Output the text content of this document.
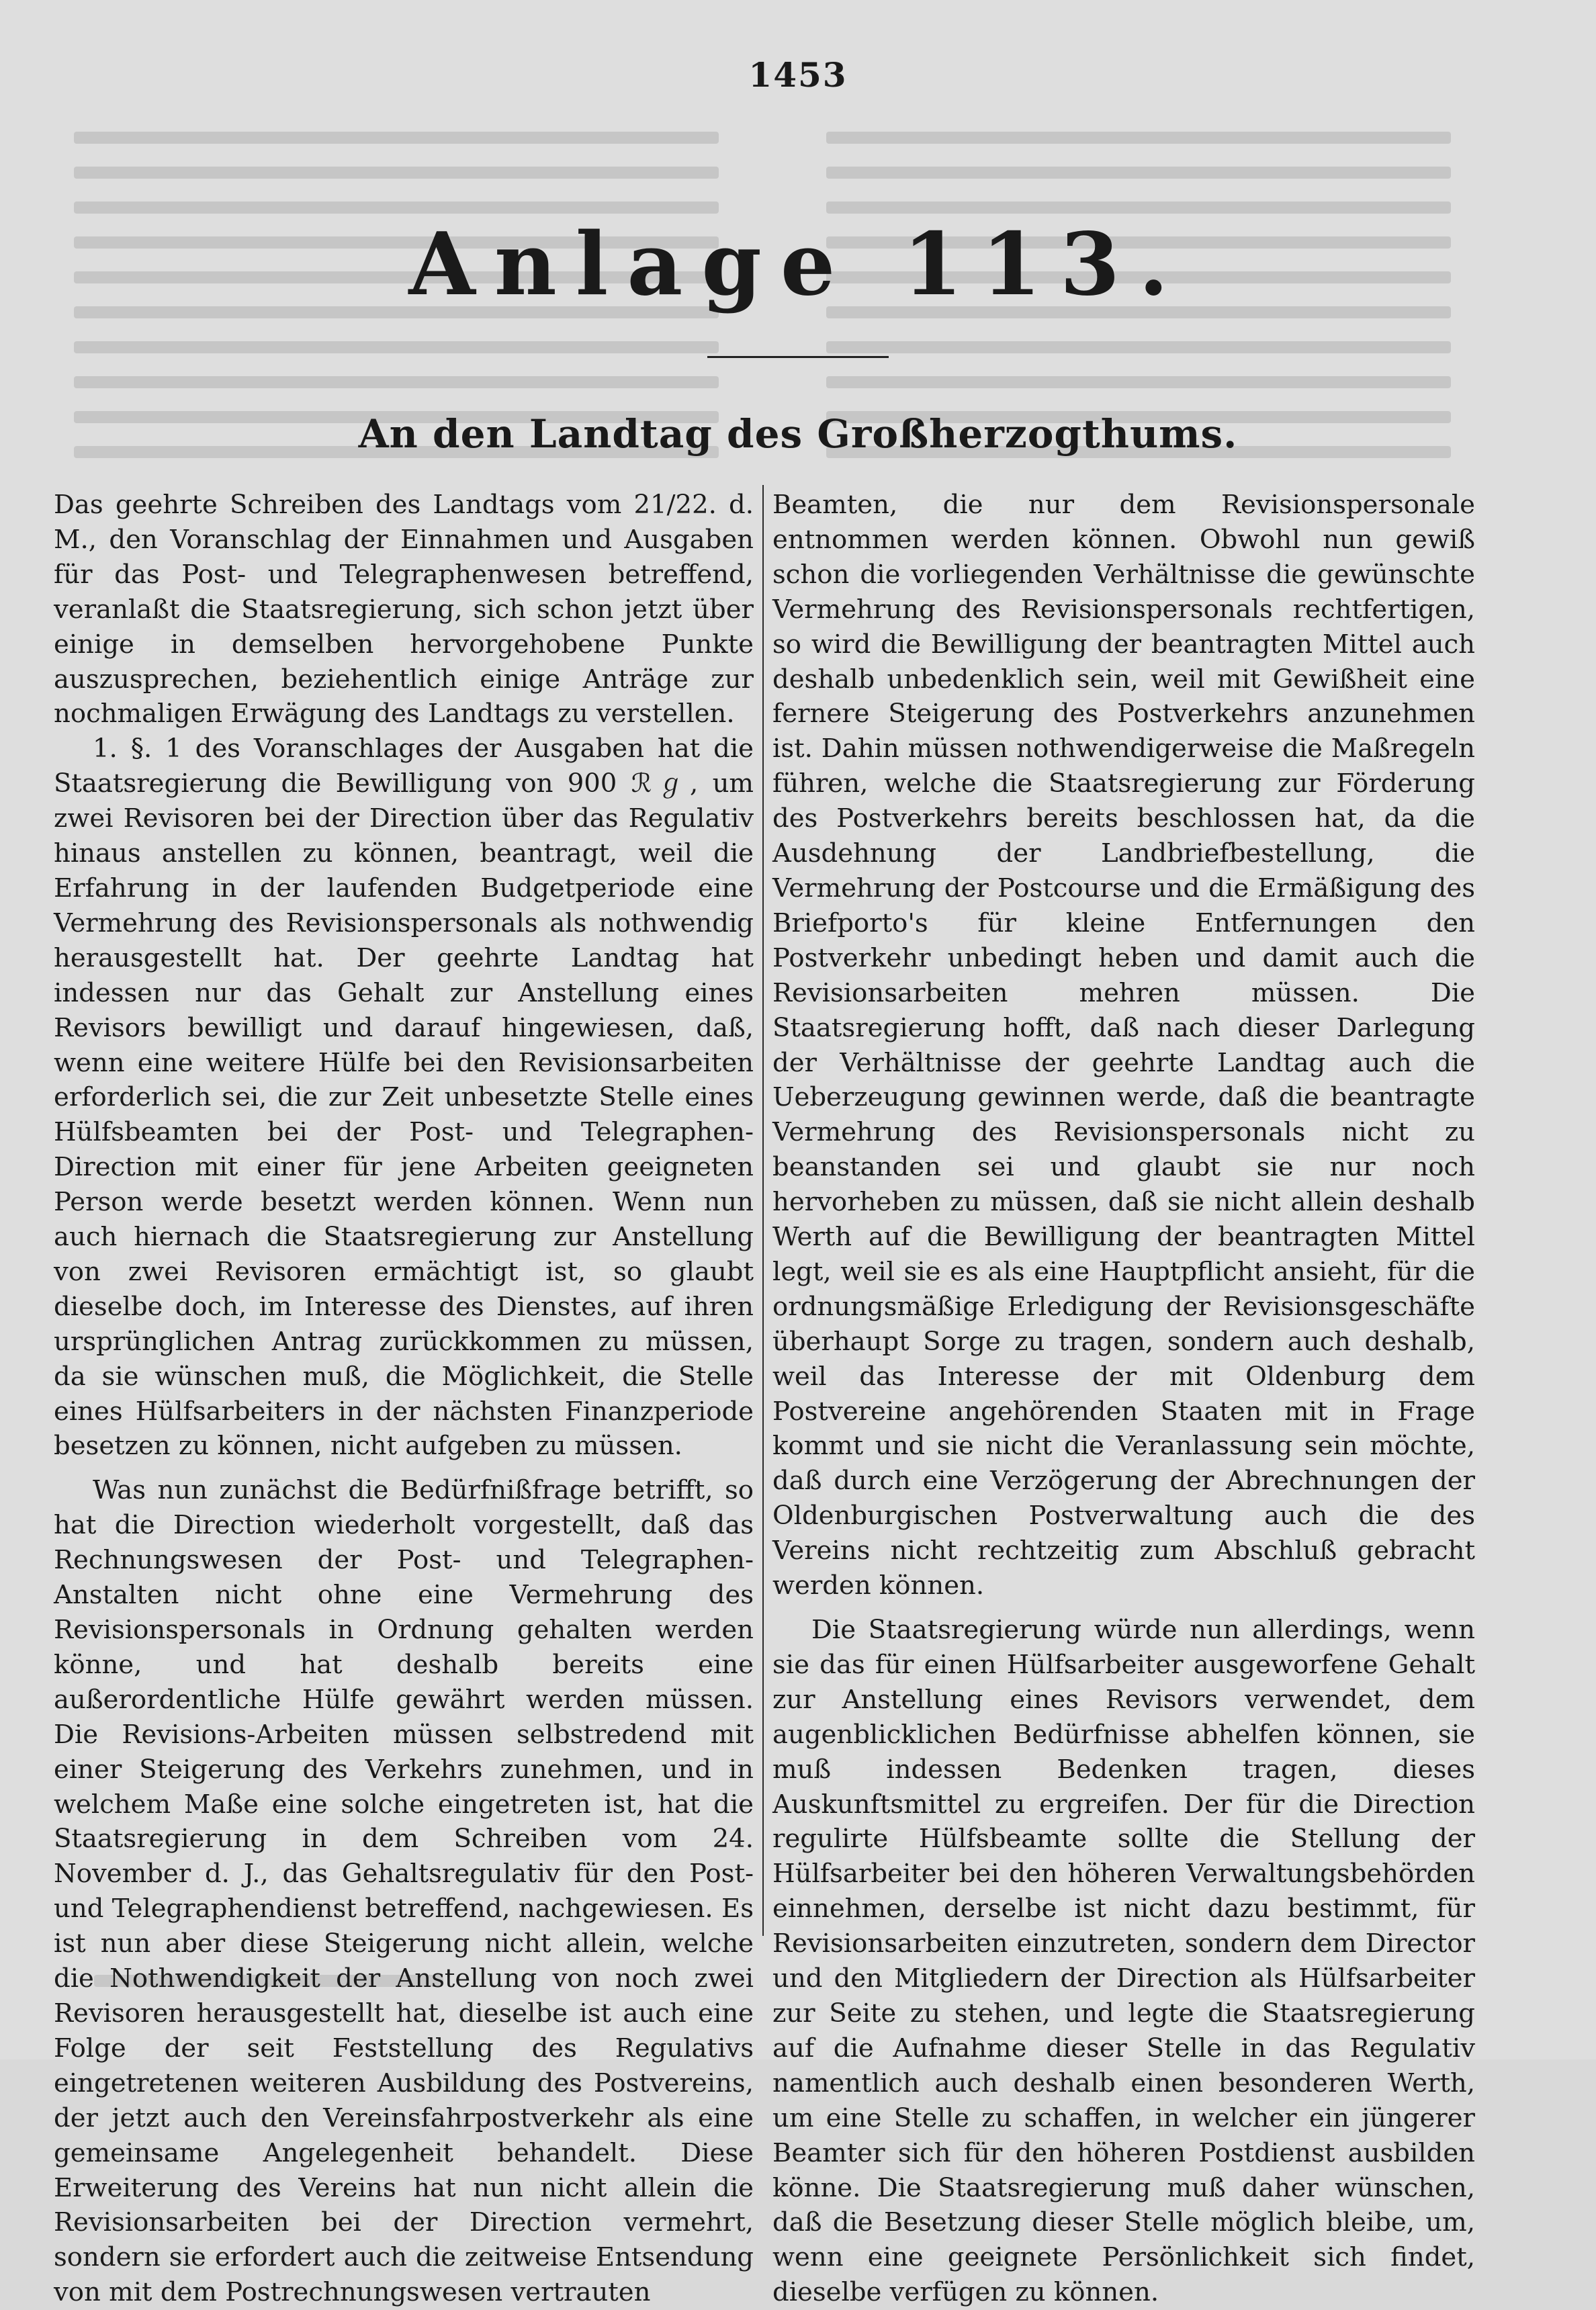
1453
Anlage 113.
An den Landtag des Großherzogthums.

Das geehrte Schreiben des Landtags vom 21/22. d. M., den Voranschlag der Einnahmen und Ausgaben für das Post- und Telegraphenwesen betreffend, veranlaßt die Staatsregierung, sich schon jetzt über einige in demselben hervorgehobene Punkte auszusprechen, beziehentlich einige Anträge zur nochmaligen Erwägung des Landtags zu verstellen.

1. §. 1 des Voranschlages der Ausgaben hat die Staatsregierung die Bewilligung von 900 ℛℊ, um zwei Revisoren bei der Direction über das Regulativ hinaus anstellen zu können, beantragt, weil die Erfahrung in der laufenden Budgetperiode eine Vermehrung des Revisionspersonals als nothwendig herausgestellt hat. Der geehrte Landtag hat indessen nur das Gehalt zur Anstellung eines Revisors bewilligt und darauf hingewiesen, daß, wenn eine weitere Hülfe bei den Revisionsarbeiten erforderlich sei, die zur Zeit unbesetzte Stelle eines Hülfsbeamten bei der Post- und Telegraphen-Direction mit einer für jene Arbeiten geeigneten Person werde besetzt werden können. Wenn nun auch hiernach die Staatsregierung zur Anstellung von zwei Revisoren ermächtigt ist, so glaubt dieselbe doch, im Interesse des Dienstes, auf ihren ursprünglichen Antrag zurückkommen zu müssen, da sie wünschen muß, die Möglichkeit, die Stelle eines Hülfsarbeiters in der nächsten Finanzperiode besetzen zu können, nicht aufgeben zu müssen.

Was nun zunächst die Bedürfnißfrage betrifft, so hat die Direction wiederholt vorgestellt, daß das Rechnungswesen der Post- und Telegraphen-Anstalten nicht ohne eine Vermehrung des Revisionspersonals in Ordnung gehalten werden könne, und hat deshalb bereits eine außerordentliche Hülfe gewährt werden müssen. Die Revisions-Arbeiten müssen selbstredend mit einer Steigerung des Verkehrs zunehmen, und in welchem Maße eine solche eingetreten ist, hat die Staatsregierung in dem Schreiben vom 24. November d. J., das Gehaltsregulativ für den Post- und Telegraphendienst betreffend, nachgewiesen. Es ist nun aber diese Steigerung nicht allein, welche die Nothwendigkeit der Anstellung von noch zwei Revisoren herausgestellt hat, dieselbe ist auch eine Folge der seit Feststellung des Regulativs eingetretenen weiteren Ausbildung des Postvereins, der jetzt auch den Vereinsfahrpostverkehr als eine gemeinsame Angelegenheit behandelt. Diese Erweiterung des Vereins hat nun nicht allein die Revisionsarbeiten bei der Direction vermehrt, sondern sie erfordert auch die zeitweise Entsendung von mit dem Postrechnungswesen vertrauten

Beamten, die nur dem Revisionspersonale entnommen werden können. Obwohl nun gewiß schon die vorliegenden Verhältnisse die gewünschte Vermehrung des Revisionspersonals rechtfertigen, so wird die Bewilligung der beantragten Mittel auch deshalb unbedenklich sein, weil mit Gewißheit eine fernere Steigerung des Postverkehrs anzunehmen ist. Dahin müssen nothwendigerweise die Maßregeln führen, welche die Staatsregierung zur Förderung des Postverkehrs bereits beschlossen hat, da die Ausdehnung der Landbriefbestellung, die Vermehrung der Postcourse und die Ermäßigung des Briefporto's für kleine Entfernungen den Postverkehr unbedingt heben und damit auch die Revisionsarbeiten mehren müssen. Die Staatsregierung hofft, daß nach dieser Darlegung der Verhältnisse der geehrte Landtag auch die Ueberzeugung gewinnen werde, daß die beantragte Vermehrung des Revisionspersonals nicht zu beanstanden sei und glaubt sie nur noch hervorheben zu müssen, daß sie nicht allein deshalb Werth auf die Bewilligung der beantragten Mittel legt, weil sie es als eine Hauptpflicht ansieht, für die ordnungsmäßige Erledigung der Revisionsgeschäfte überhaupt Sorge zu tragen, sondern auch deshalb, weil das Interesse der mit Oldenburg dem Postvereine angehörenden Staaten mit in Frage kommt und sie nicht die Veranlassung sein möchte, daß durch eine Verzögerung der Abrechnungen der Oldenburgischen Postverwaltung auch die des Vereins nicht rechtzeitig zum Abschluß gebracht werden können.

Die Staatsregierung würde nun allerdings, wenn sie das für einen Hülfsarbeiter ausgeworfene Gehalt zur Anstellung eines Revisors verwendet, dem augenblicklichen Bedürfnisse abhelfen können, sie muß indessen Bedenken tragen, dieses Auskunftsmittel zu ergreifen. Der für die Direction regulirte Hülfsbeamte sollte die Stellung der Hülfsarbeiter bei den höheren Verwaltungsbehörden einnehmen, derselbe ist nicht dazu bestimmt, für Revisionsarbeiten einzutreten, sondern dem Director und den Mitgliedern der Direction als Hülfsarbeiter zur Seite zu stehen, und legte die Staatsregierung auf die Aufnahme dieser Stelle in das Regulativ namentlich auch deshalb einen besonderen Werth, um eine Stelle zu schaffen, in welcher ein jüngerer Beamter sich für den höheren Postdienst ausbilden könne. Die Staatsregierung muß daher wünschen, daß die Besetzung dieser Stelle möglich bleibe, um, wenn eine geeignete Persönlichkeit sich findet, dieselbe verfügen zu können.
